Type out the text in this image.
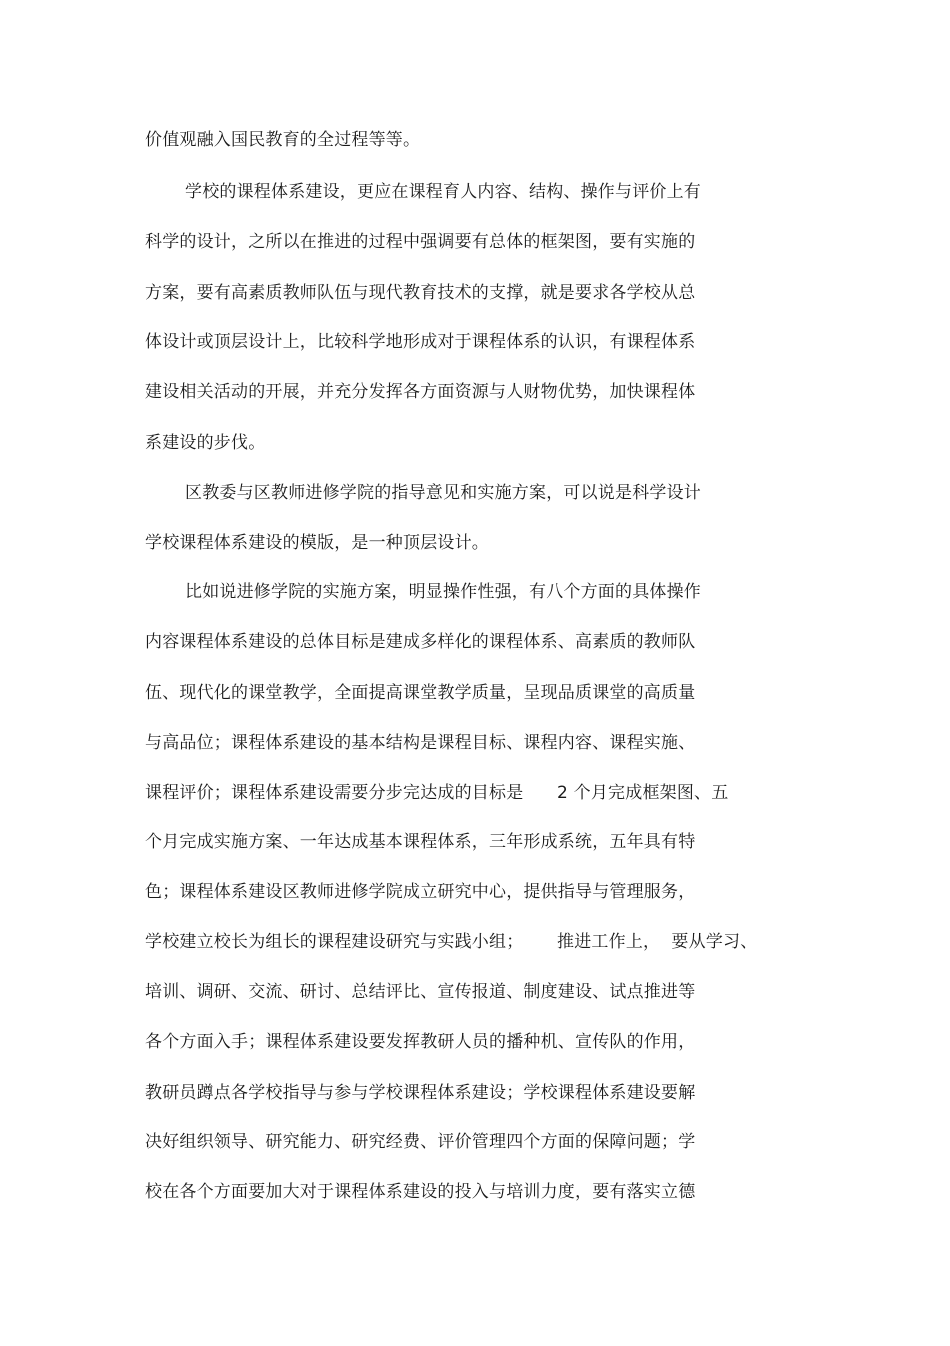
价值观融入国民教育的全过程等等。
学校的课程体系建设，更应在课程育人内容、结构、操作与评价上有
科学的设计，之所以在推进的过程中强调要有总体的框架图，要有实施的
方案，要有高素质教师队伍与现代教育技术的支撑，就是要求各学校从总
体设计或顶层设计上，比较科学地形成对于课程体系的认识，有课程体系
建设相关活动的开展，并充分发挥各方面资源与人财物优势，加快课程体
系建设的步伐。
区教委与区教师进修学院的指导意见和实施方案，可以说是科学设计
学校课程体系建设的模版，是一种顶层设计。
比如说进修学院的实施方案，明显操作性强，有八个方面的具体操作
内容课程体系建设的总体目标是建成多样化的课程体系、高素质的教师队
伍、现代化的课堂教学，全面提高课堂教学质量，呈现品质课堂的高质量
与高品位；课程体系建设的基本结构是课程目标、课程内容、课程实施、
课程评价；课程体系建设需要分步完达成的目标是      2 个月完成框架图、五
个月完成实施方案、一年达成基本课程体系，三年形成系统，五年具有特
色；课程体系建设区教师进修学院成立研究中心，提供指导与管理服务，
学校建立校长为组长的课程建设研究与实践小组；      推进工作上，  要从学习、
培训、调研、交流、研讨、总结评比、宣传报道、制度建设、试点推进等
各个方面入手；课程体系建设要发挥教研人员的播种机、宣传队的作用，
教研员蹲点各学校指导与参与学校课程体系建设；学校课程体系建设要解
决好组织领导、研究能力、研究经费、评价管理四个方面的保障问题；学
校在各个方面要加大对于课程体系建设的投入与培训力度，要有落实立德
